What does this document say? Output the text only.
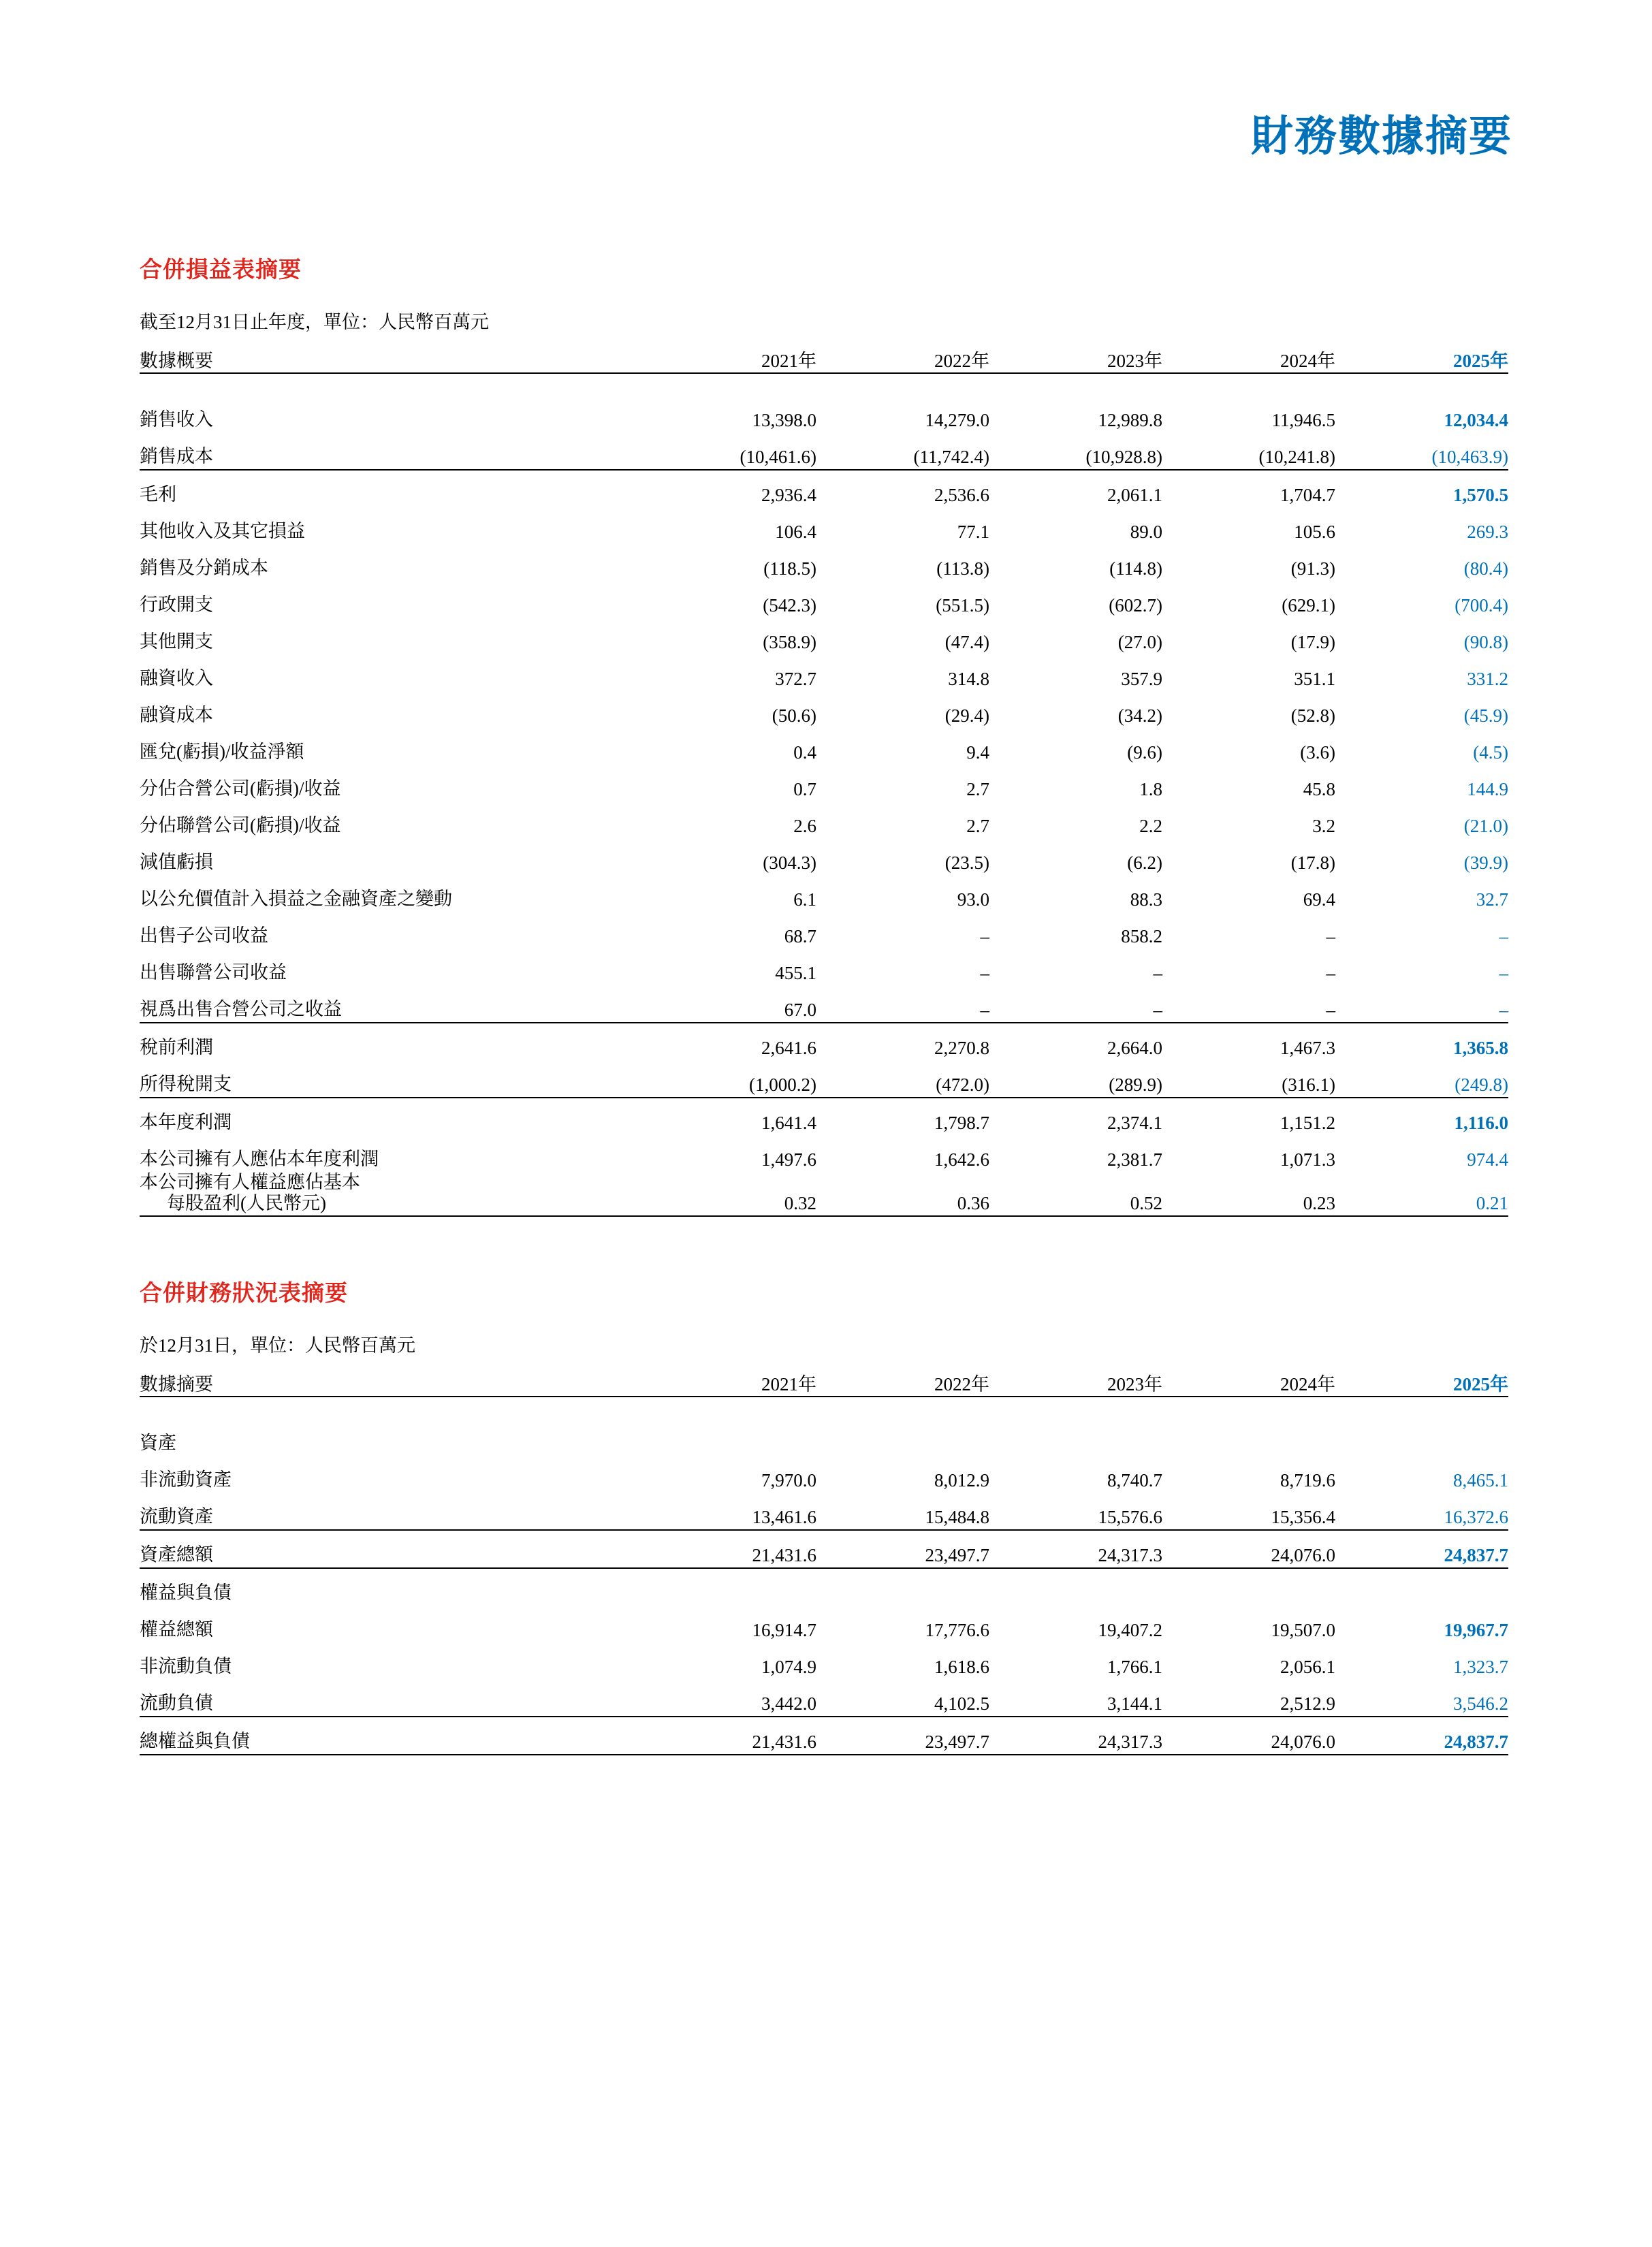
財務數據摘要
合併損益表摘要
截至12月31日止年度，單位：人民幣百萬元
數據概要	2021年	2022年	2023年	2024年	2025年

銷售收入	13,398.0	14,279.0	12,989.8	11,946.5	12,034.4
銷售成本	(10,461.6)	(11,742.4)	(10,928.8)	(10,241.8)	(10,463.9)
毛利	2,936.4	2,536.6	2,061.1	1,704.7	1,570.5
其他收入及其它損益	106.4	77.1	89.0	105.6	269.3
銷售及分銷成本	(118.5)	(113.8)	(114.8)	(91.3)	(80.4)
行政開支	(542.3)	(551.5)	(602.7)	(629.1)	(700.4)
其他開支	(358.9)	(47.4)	(27.0)	(17.9)	(90.8)
融資收入	372.7	314.8	357.9	351.1	331.2
融資成本	(50.6)	(29.4)	(34.2)	(52.8)	(45.9)
匯兌(虧損)/收益淨額	0.4	9.4	(9.6)	(3.6)	(4.5)
分佔合營公司(虧損)/收益	0.7	2.7	1.8	45.8	144.9
分佔聯營公司(虧損)/收益	2.6	2.7	2.2	3.2	(21.0)
減值虧損	(304.3)	(23.5)	(6.2)	(17.8)	(39.9)
以公允價值計入損益之金融資產之變動	6.1	93.0	88.3	69.4	32.7
出售子公司收益	68.7	–	858.2	–	–
出售聯營公司收益	455.1	–	–	–	–
視爲出售合營公司之收益	67.0	–	–	–	–
稅前利潤	2,641.6	2,270.8	2,664.0	1,467.3	1,365.8
所得稅開支	(1,000.2)	(472.0)	(289.9)	(316.1)	(249.8)
本年度利潤	1,641.4	1,798.7	2,374.1	1,151.2	1,116.0
本公司擁有人應佔本年度利潤	1,497.6	1,642.6	2,381.7	1,071.3	974.4

本公司擁有人權益應佔基本
每股盈利(人民幣元)	0.32	0.36	0.52	0.23	0.21

合併財務狀況表摘要
於12月31日，單位：人民幣百萬元
數據摘要	2021年	2022年	2023年	2024年	2025年

資產					
非流動資產	7,970.0	8,012.9	8,740.7	8,719.6	8,465.1
流動資產	13,461.6	15,484.8	15,576.6	15,356.4	16,372.6
資產總額	21,431.6	23,497.7	24,317.3	24,076.0	24,837.7
權益與負債					
權益總額	16,914.7	17,776.6	19,407.2	19,507.0	19,967.7
非流動負債	1,074.9	1,618.6	1,766.1	2,056.1	1,323.7
流動負債	3,442.0	4,102.5	3,144.1	2,512.9	3,546.2
總權益與負債	21,431.6	23,497.7	24,317.3	24,076.0	24,837.7
